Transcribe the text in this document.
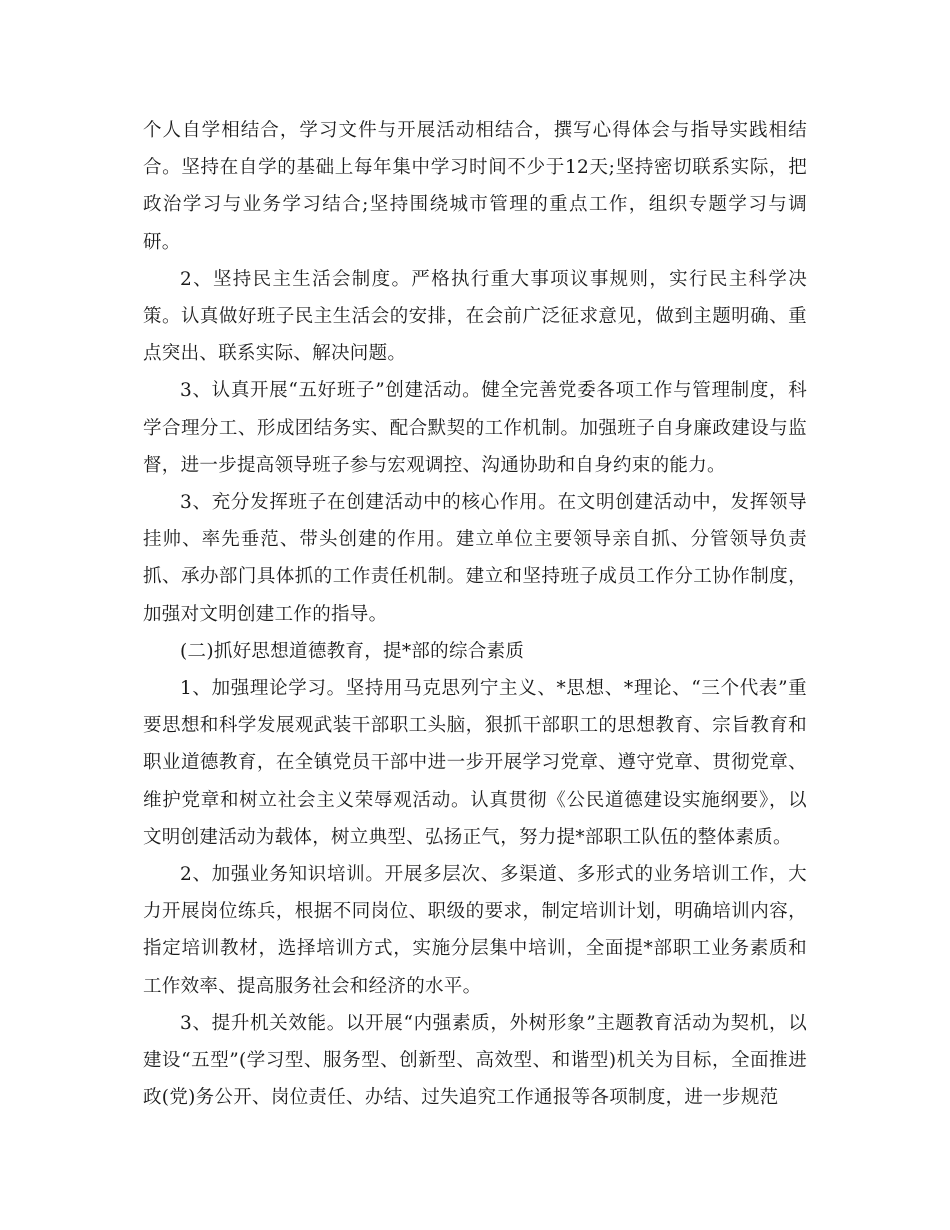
个人自学相结合，学习文件与开展活动相结合，撰写心得体会与指导实践相结合。坚持在自学的基础上每年集中学习时间不少于12天;坚持密切联系实际，把政治学习与业务学习结合;坚持围绕城市管理的重点工作，组织专题学习与调研。

2、坚持民主生活会制度。严格执行重大事项议事规则，实行民主科学决策。认真做好班子民主生活会的安排，在会前广泛征求意见，做到主题明确、重点突出、联系实际、解决问题。

3、认真开展“五好班子”创建活动。健全完善党委各项工作与管理制度，科学合理分工、形成团结务实、配合默契的工作机制。加强班子自身廉政建设与监督，进一步提高领导班子参与宏观调控、沟通协助和自身约束的能力。

3、充分发挥班子在创建活动中的核心作用。在文明创建活动中，发挥领导挂帅、率先垂范、带头创建的作用。建立单位主要领导亲自抓、分管领导负责抓、承办部门具体抓的工作责任机制。建立和坚持班子成员工作分工协作制度，加强对文明创建工作的指导。

(二)抓好思想道德教育，提*部的综合素质

1、加强理论学习。坚持用马克思列宁主义、*思想、*理论、“三个代表”重要思想和科学发展观武装干部职工头脑，狠抓干部职工的思想教育、宗旨教育和职业道德教育，在全镇党员干部中进一步开展学习党章、遵守党章、贯彻党章、维护党章和树立社会主义荣辱观活动。认真贯彻《公民道德建设实施纲要》，以文明创建活动为载体，树立典型、弘扬正气，努力提*部职工队伍的整体素质。

2、加强业务知识培训。开展多层次、多渠道、多形式的业务培训工作，大力开展岗位练兵，根据不同岗位、职级的要求，制定培训计划，明确培训内容，指定培训教材，选择培训方式，实施分层集中培训，全面提*部职工业务素质和工作效率、提高服务社会和经济的水平。

3、提升机关效能。以开展“内强素质，外树形象”主题教育活动为契机，以建设“五型”(学习型、服务型、创新型、高效型、和谐型)机关为目标，全面推进政(党)务公开、岗位责任、办结、过失追究工作通报等各项制度，进一步规范
